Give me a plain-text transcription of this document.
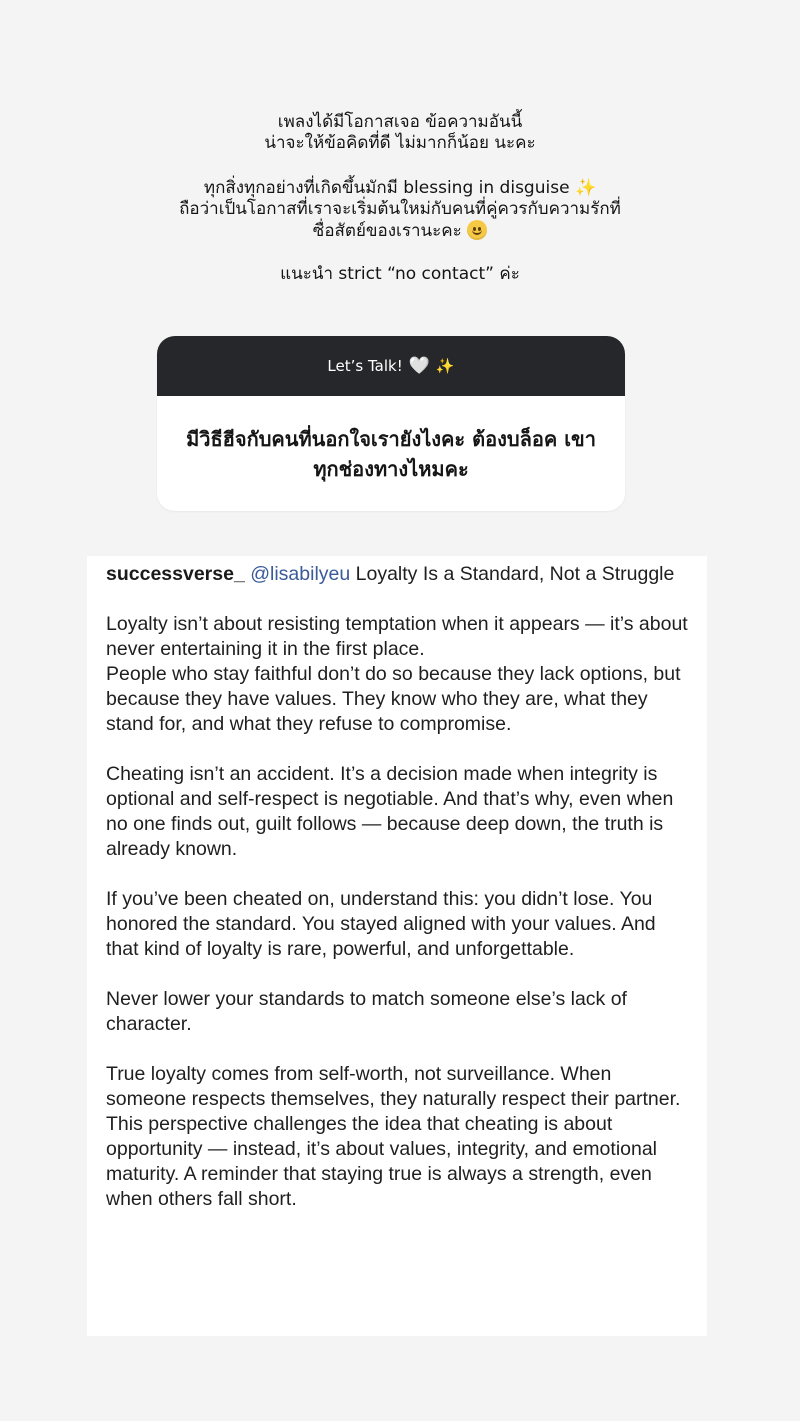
เพลงได้มีโอกาสเจอ ข้อความอันนี้

น่าจะให้ข้อคิดที่ดี ไม่มากก็น้อย นะคะ

ทุกสิ่งทุกอย่างที่เกิดขึ้นมักมี blessing in disguise ✨

ถือว่าเป็นโอกาสที่เราจะเริ่มต้นใหม่กับคนที่คู่ควรกับความรักที่

ซื่อสัตย์ของเรานะคะ

แนะนำ strict “no contact” ค่ะ

Let’s Talk! 🤍 ✨
มีวิธีฮีจกับคนที่นอกใจเรายังไงคะ ต้องบล็อค เขาทุกช่องทางไหมคะ

successverse_ @lisabilyeu Loyalty Is a Standard, Not a Struggle

Loyalty isn’t about resisting temptation when it appears — it’s about never entertaining it in the first place.

People who stay faithful don’t do so because they lack options, but because they have values. They know who they are, what they stand for, and what they refuse to compromise.

Cheating isn’t an accident. It’s a decision made when integrity is optional and self-respect is negotiable. And that’s why, even when no one finds out, guilt follows — because deep down, the truth is already known.

If you’ve been cheated on, understand this: you didn’t lose. You honored the standard. You stayed aligned with your values. And that kind of loyalty is rare, powerful, and unforgettable.

Never lower your standards to match someone else’s lack of character.

True loyalty comes from self-worth, not surveillance. When someone respects themselves, they naturally respect their partner. This perspective challenges the idea that cheating is about opportunity — instead, it’s about values, integrity, and emotional maturity. A reminder that staying true is always a strength, even when others fall short.
